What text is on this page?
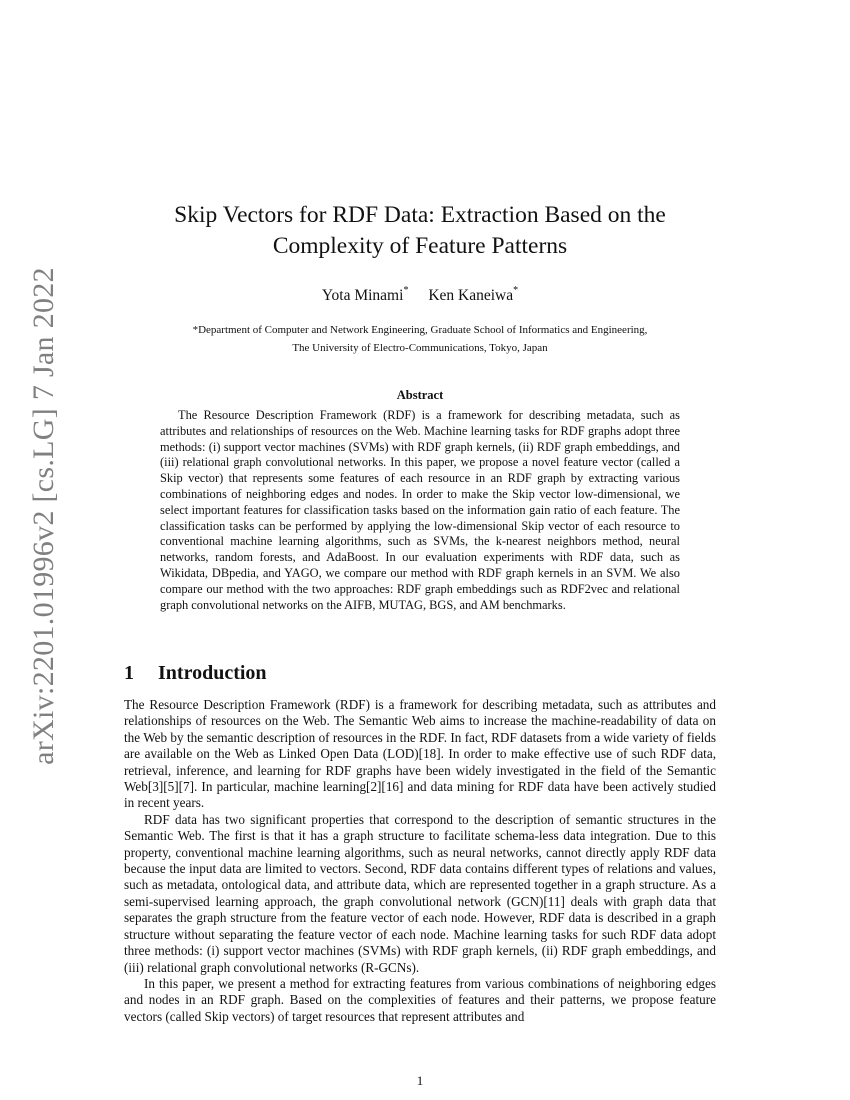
arXiv:2201.01996v2 [cs.LG] 7 Jan 2022
Skip Vectors for RDF Data: Extraction Based on the
Complexity of Feature Patterns
Yota Minami* Ken Kaneiwa*
*Department of Computer and Network Engineering, Graduate School of Informatics and Engineering,
The University of Electro-Communications, Tokyo, Japan
Abstract

The Resource Description Framework (RDF) is a framework for describing metadata, such as attributes and relationships of resources on the Web. Machine learning tasks for RDF graphs adopt three methods: (i) support vector machines (SVMs) with RDF graph kernels, (ii) RDF graph embeddings, and (iii) relational graph convolutional networks. In this paper, we propose a novel feature vector (called a Skip vector) that represents some features of each resource in an RDF graph by extracting various combinations of neighboring edges and nodes. In order to make the Skip vector low-dimensional, we select important features for classification tasks based on the information gain ratio of each feature. The classification tasks can be performed by applying the low-dimensional Skip vector of each resource to conventional machine learning algorithms, such as SVMs, the k-nearest neighbors method, neural networks, random forests, and AdaBoost. In our evaluation experiments with RDF data, such as Wikidata, DBpedia, and YAGO, we compare our method with RDF graph kernels in an SVM. We also compare our method with the two approaches: RDF graph embeddings such as RDF2vec and relational graph convolutional networks on the AIFB, MUTAG, BGS, and AM benchmarks.

1 Introduction

The Resource Description Framework (RDF) is a framework for describing metadata, such as attributes and relationships of resources on the Web. The Semantic Web aims to increase the machine-readability of data on the Web by the semantic description of resources in the RDF. In fact, RDF datasets from a wide variety of fields are available on the Web as Linked Open Data (LOD)[18]. In order to make effective use of such RDF data, retrieval, inference, and learning for RDF graphs have been widely investigated in the field of the Semantic Web[3][5][7]. In particular, machine learning[2][16] and data mining for RDF data have been actively studied in recent years.

RDF data has two significant properties that correspond to the description of semantic structures in the Semantic Web. The first is that it has a graph structure to facilitate schema-less data integration. Due to this property, conventional machine learning algorithms, such as neural networks, cannot directly apply RDF data because the input data are limited to vectors. Second, RDF data contains different types of relations and values, such as metadata, ontological data, and attribute data, which are represented together in a graph structure. As a semi-supervised learning approach, the graph convolutional network (GCN)[11] deals with graph data that separates the graph structure from the feature vector of each node. However, RDF data is described in a graph structure without separating the feature vector of each node. Machine learning tasks for such RDF data adopt three methods: (i) support vector machines (SVMs) with RDF graph kernels, (ii) RDF graph embeddings, and (iii) relational graph convolutional networks (R-GCNs).

In this paper, we present a method for extracting features from various combinations of neighboring edges and nodes in an RDF graph. Based on the complexities of features and their patterns, we propose feature vectors (called Skip vectors) of target resources that represent attributes and

1
